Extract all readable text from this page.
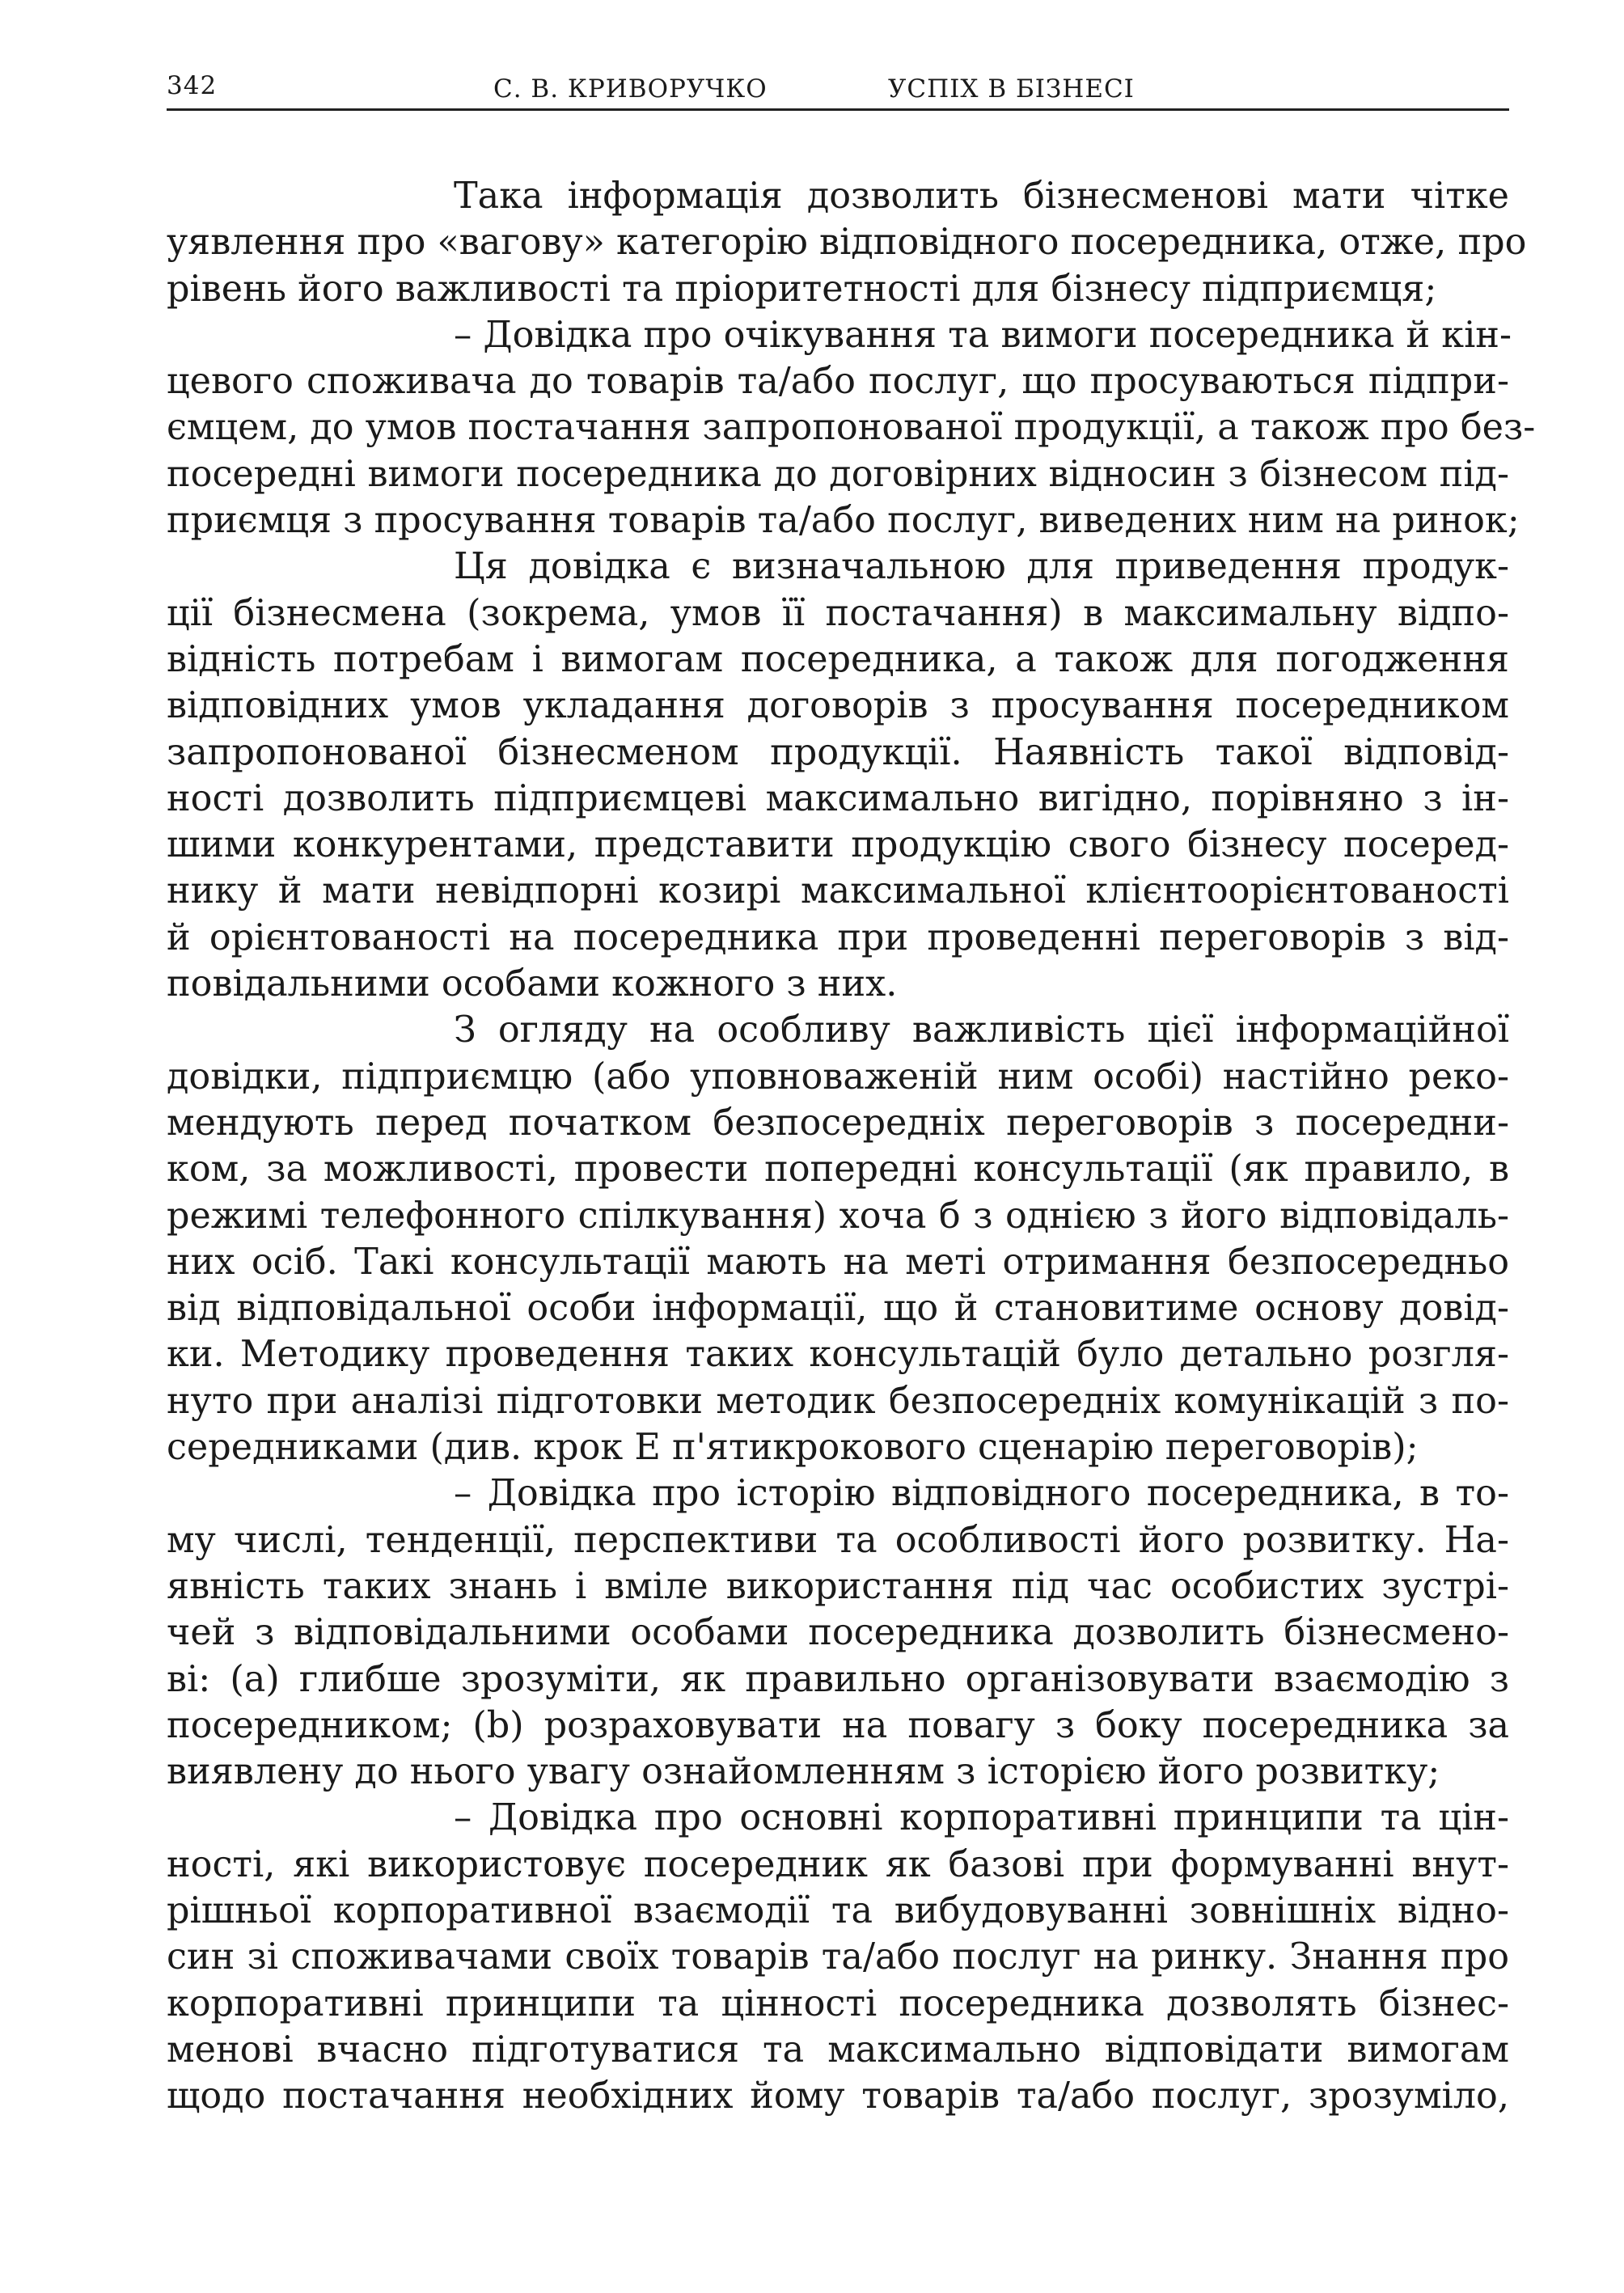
342	С. В. КРИВОРУЧКО	УСПІХ В БІЗНЕСІ
Така інформація дозволить бізнесменові мати чітке
уявлення про «вагову» категорію відповідного посередника, отже, про
рівень його важливості та пріоритетності для бізнесу підприємця;
– Довідка про очікування та вимоги посередника й кін-
цевого споживача до товарів та/або послуг, що просуваються підпри-
ємцем, до умов постачання запропонованої продукції, а також про без-
посередні вимоги посередника до договірних відносин з бізнесом під-
приємця з просування товарів та/або послуг, виведених ним на ринок;
Ця довідка є визначальною для приведення продук-
ції бізнесмена (зокрема, умов її постачання) в максимальну відпо-
відність потребам і вимогам посередника, а також для погодження
відповідних умов укладання договорів з просування посередником
запропонованої бізнесменом продукції. Наявність такої відповід-
ності дозволить підприємцеві максимально вигідно, порівняно з ін-
шими конкурентами, представити продукцію свого бізнесу посеред-
нику й мати невідпорні козирі максимальної клієнтоорієнтованості
й орієнтованості на посередника при проведенні переговорів з від-
повідальними особами кожного з них.
З огляду на особливу важливість цієї інформаційної
довідки, підприємцю (або уповноваженій ним особі) настійно реко-
мендують перед початком безпосередніх переговорів з посередни-
ком, за можливості, провести попередні консультації (як правило, в
режимі телефонного спілкування) хоча б з однією з його відповідаль-
них осіб. Такі консультації мають на меті отримання безпосередньо
від відповідальної особи інформації, що й становитиме основу довід-
ки. Методику проведення таких консультацій було детально розгля-
нуто при аналізі підготовки методик безпосередніх комунікацій з по-
середниками (див. крок Е п'ятикрокового сценарію переговорів);
– Довідка про історію відповідного посередника, в то-
му числі, тенденції, перспективи та особливості його розвитку. На-
явність таких знань і вміле використання під час особистих зустрі-
чей з відповідальними особами посередника дозволить бізнесмено-
ві: (а) глибше зрозуміти, як правильно організовувати взаємодію з
посередником; (b) розраховувати на повагу з боку посередника за
виявлену до нього увагу ознайомленням з історією його розвитку;
– Довідка про основні корпоративні принципи та цін-
ності, які використовує посередник як базові при формуванні внут-
рішньої корпоративної взаємодії та вибудовуванні зовнішніх відно-
син зі споживачами своїх товарів та/або послуг на ринку. Знання про
корпоративні принципи та цінності посередника дозволять бізнес-
менові вчасно підготуватися та максимально відповідати вимогам
щодо постачання необхідних йому товарів та/або послуг, зрозуміло,
